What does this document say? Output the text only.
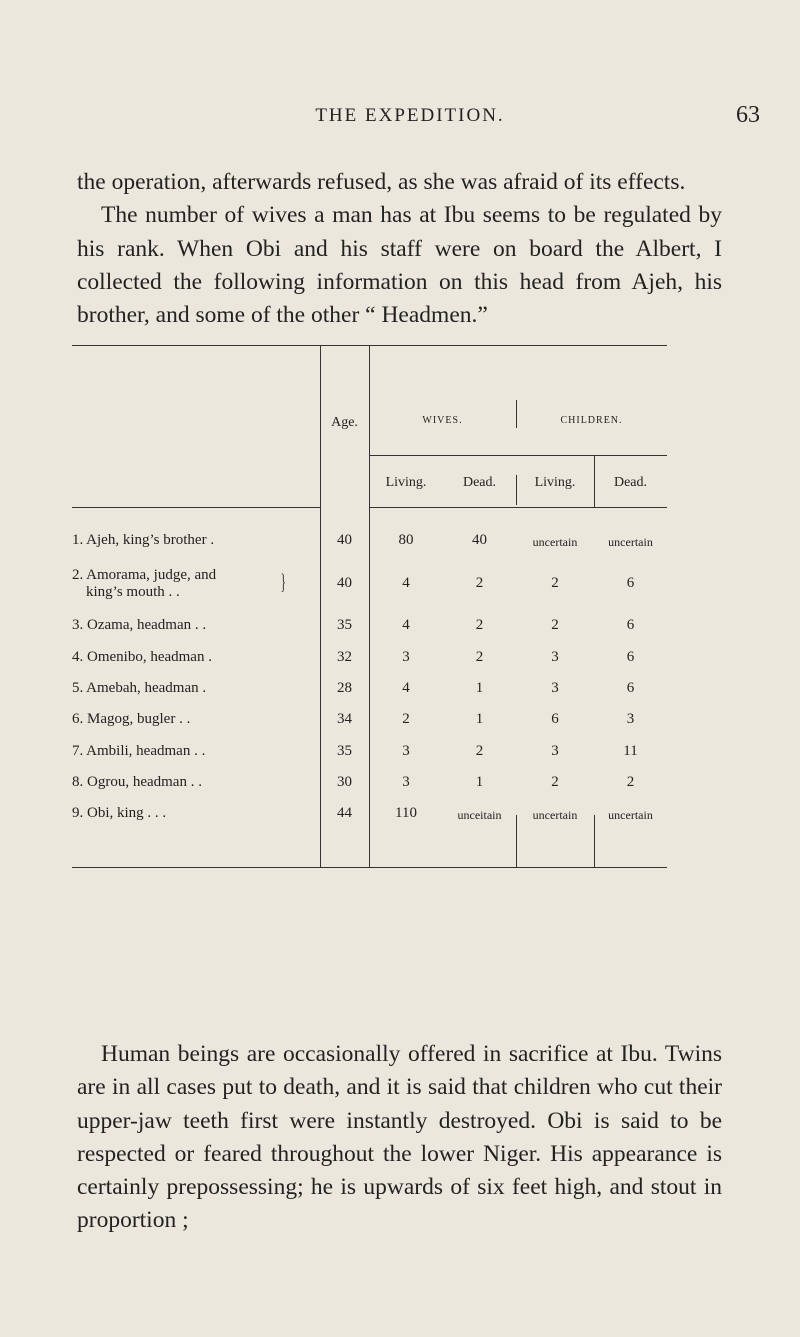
THE EXPEDITION.	63

the operation, afterwards refused, as she was afraid of its effects.

The number of wives a man has at Ibu seems to be regulated by his rank. When Obi and his staff were on board the Albert, I collected the following information on this head from Ajeh, his brother, and some of the other “ Headmen.”

Age.	WIVES.	CHILDREN.
Living.	Dead.	Living.	Dead.
1. Ajeh, king’s brother .	40	80	40	uncertain	uncertain
2. Amorama, judge, and
king’s mouth . .	}	40	4	2	2	6
3. Ozama, headman . .	35	4	2	2	6
4. Omenibo, headman .	32	3	2	3	6
5. Amebah, headman .	28	4	1	3	6
6. Magog, bugler . .	34	2	1	6	3
7. Ambili, headman . .	35	3	2	3	11
8. Ogrou, headman . .	30	3	1	2	2
9. Obi, king . . .	44	110	unceitain	uncertain	uncertain

Human beings are occasionally offered in sacrifice at Ibu. Twins are in all cases put to death, and it is said that children who cut their upper-jaw teeth first were instantly destroyed. Obi is said to be respected or feared throughout the lower Niger. His appearance is certainly prepossessing; he is upwards of six feet high, and stout in proportion ;
